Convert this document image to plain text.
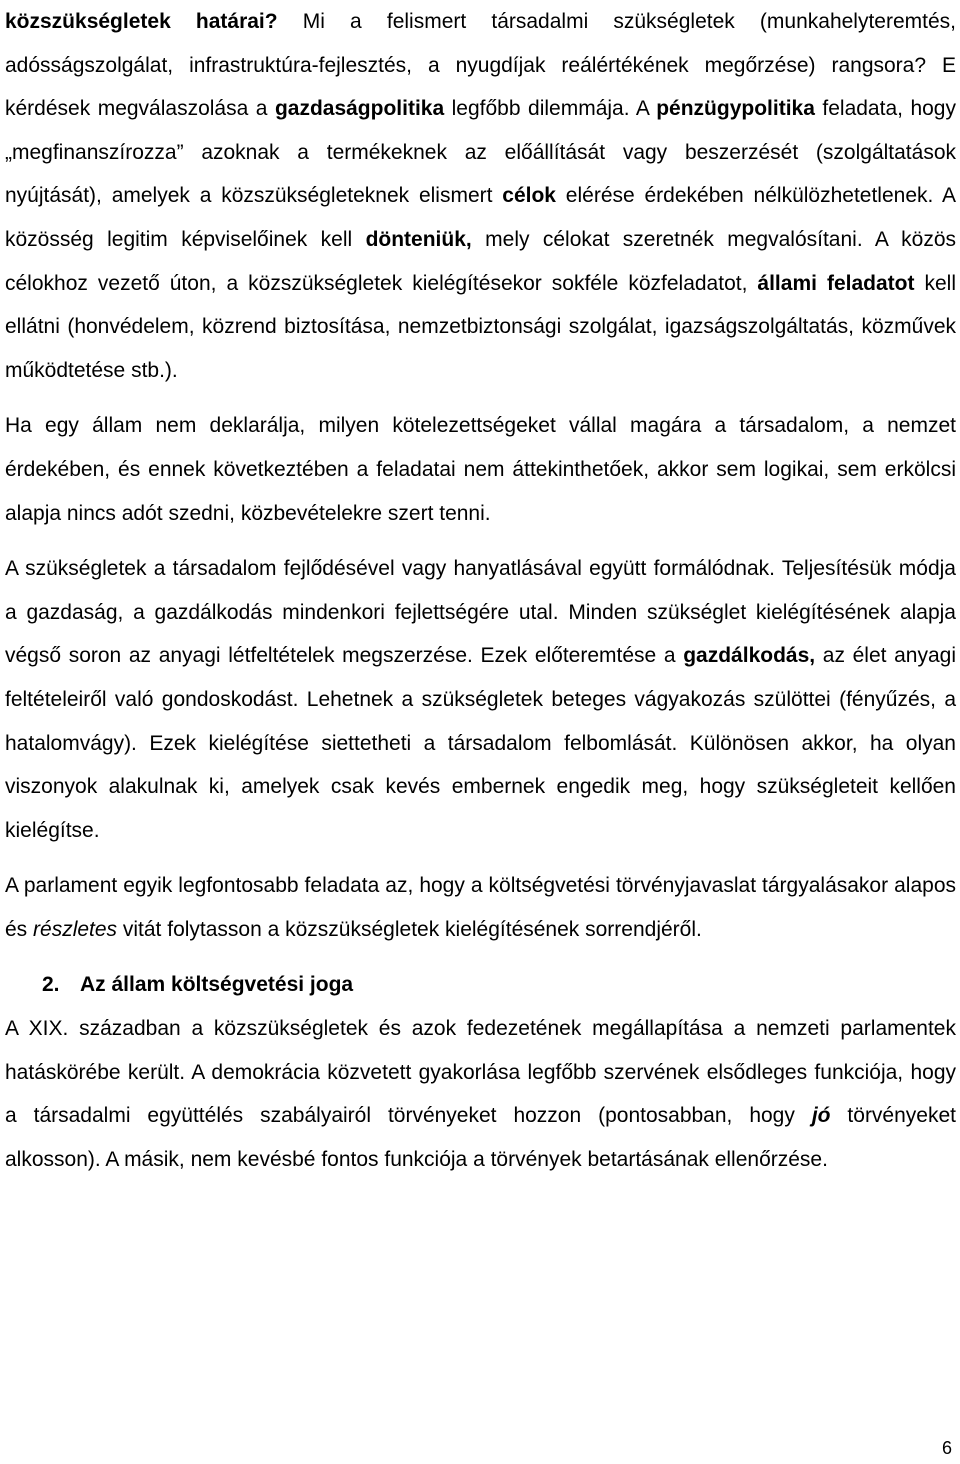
közszükségletek határai? Mi a felismert társadalmi szükségletek (munkahelyteremtés, adósságszolgálat, infrastruktúra-fejlesztés, a nyugdíjak reálértékének megőrzése) rangsora? E kérdések megválaszolása a gazdaságpolitika legfőbb dilemmája. A pénzügypolitika feladata, hogy „megfinanszírozza” azoknak a termékeknek az előállítását vagy beszerzését (szolgáltatások nyújtását), amelyek a közszükségleteknek elismert célok elérése érdekében nélkülözhetetlenek. A közösség legitim képviselőinek kell dönteniük, mely célokat szeretnék megvalósítani. A közös célokhoz vezető úton, a közszükségletek kielégítésekor sokféle közfeladatot, állami feladatot kell ellátni (honvédelem, közrend biztosítása, nemzetbiztonsági szolgálat, igazságszolgáltatás, közművek működtetése stb.).

Ha egy állam nem deklarálja, milyen kötelezettségeket vállal magára a társadalom, a nemzet érdekében, és ennek következtében a feladatai nem áttekinthetőek, akkor sem logikai, sem erkölcsi alapja nincs adót szedni, közbevételekre szert tenni.

A szükségletek a társadalom fejlődésével vagy hanyatlásával együtt formálódnak. Teljesítésük módja a gazdaság, a gazdálkodás mindenkori fejlettségére utal. Minden szükséglet kielégítésének alapja végső soron az anyagi létfeltételek megszerzése. Ezek előteremtése a gazdálkodás, az élet anyagi feltételeiről való gondoskodást. Lehetnek a szükségletek beteges vágyakozás szülöttei (fényűzés, a hatalomvágy). Ezek kielégítése siettetheti a társadalom felbomlását. Különösen akkor, ha olyan viszonyok alakulnak ki, amelyek csak kevés embernek engedik meg, hogy szükségleteit kellően kielégítse.

A parlament egyik legfontosabb feladata az, hogy a költségvetési törvényjavaslat tárgyalásakor alapos és részletes vitát folytasson a közszükségletek kielégítésének sorrendjéről.

2. Az állam költségvetési joga

A XIX. században a közszükségletek és azok fedezetének megállapítása a nemzeti parlamentek hatáskörébe került. A demokrácia közvetett gyakorlása legfőbb szervének elsődleges funkciója, hogy a társadalmi együttélés szabályairól törvényeket hozzon (pontosabban, hogy jó törvényeket alkosson). A másik, nem kevésbé fontos funkciója a törvények betartásának ellenőrzése.

6
